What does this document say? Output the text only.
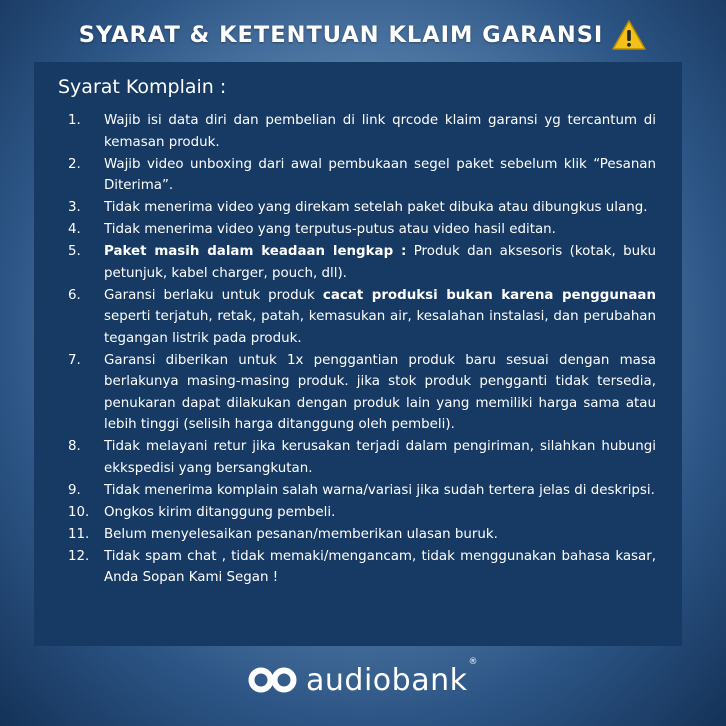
SYARAT & KETENTUAN KLAIM GARANSI
Syarat Komplain :
1.	Wajib isi data diri dan pembelian di link qrcode klaim garansi yg tercantum di kemasan produk.
2.	Wajib video unboxing dari awal pembukaan segel paket sebelum klik “Pesanan Diterima”.
3.	Tidak menerima video yang direkam setelah paket dibuka atau dibungkus ulang.
4.	Tidak menerima video yang terputus-putus atau video hasil editan.
5.	Paket masih dalam keadaan lengkap : Produk dan aksesoris (kotak, buku petunjuk, kabel charger, pouch, dll).
6.	Garansi berlaku untuk produk cacat produksi bukan karena penggunaan seperti terjatuh, retak, patah, kemasukan air, kesalahan instalasi, dan perubahan tegangan listrik pada produk.
7.	Garansi diberikan untuk 1x penggantian produk baru sesuai dengan masa berlakunya masing-masing produk. jika stok produk pengganti tidak tersedia, penukaran dapat dilakukan dengan produk lain yang memiliki harga sama atau lebih tinggi (selisih harga ditanggung oleh pembeli).
8.	Tidak melayani retur jika kerusakan terjadi dalam pengiriman, silahkan hubungi ekkspedisi yang bersangkutan.
9.	Tidak menerima komplain salah warna/variasi jika sudah tertera jelas di deskripsi.
10.	Ongkos kirim ditanggung pembeli.
11.	Belum menyelesaikan pesanan/memberikan ulasan buruk.
12.	Tidak spam chat , tidak memaki/mengancam, tidak menggunakan bahasa kasar, Anda Sopan Kami Segan !
audiobank®
